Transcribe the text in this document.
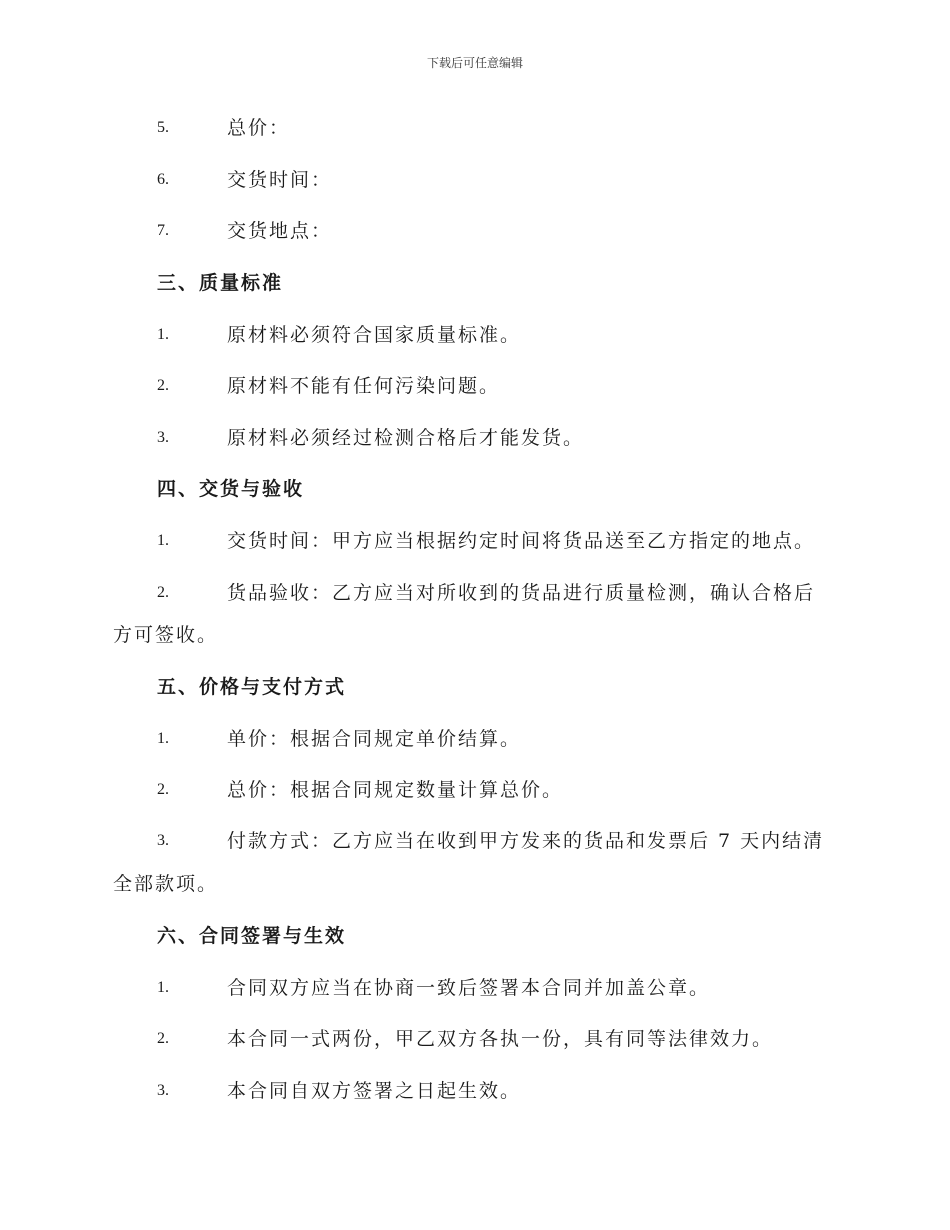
下载后可任意编辑
5.	总价：
6.	交货时间：
7.	交货地点：
三、质量标准
1.	原材料必须符合国家质量标准。
2.	原材料不能有任何污染问题。
3.	原材料必须经过检测合格后才能发货。
四、交货与验收
1.	交货时间：甲方应当根据约定时间将货品送至乙方指定的地点。
2.	货品验收：乙方应当对所收到的货品进行质量检测，确认合格后
方可签收。
五、价格与支付方式
1.	单价：根据合同规定单价结算。
2.	总价：根据合同规定数量计算总价。
3.	付款方式：乙方应当在收到甲方发来的货品和发票后 7 天内结清
全部款项。
六、合同签署与生效
1.	合同双方应当在协商一致后签署本合同并加盖公章。
2.	本合同一式两份，甲乙双方各执一份，具有同等法律效力。
3.	本合同自双方签署之日起生效。
